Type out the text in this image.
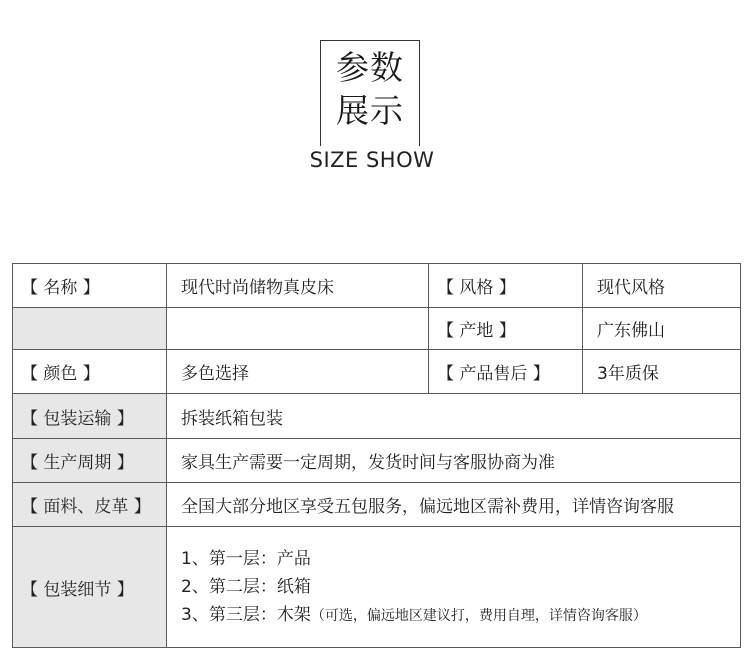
参数
展示
SIZE SHOW
【 名称 】	现代时尚储物真皮床	【 风格 】	现代风格
		【 产地 】	广东佛山
【 颜色 】	多色选择	【 产品售后 】	3年质保
【 包装运输 】	拆装纸箱包装		
【 生产周期 】	家具生产需要一定周期，发货时间与客服协商为准		
【 面料、皮革 】	全国大部分地区享受五包服务，偏远地区需补费用，详情咨询客服		
【 包装细节 】	1、第一层：产品
2、第二层：纸箱
3、第三层：木架（可选，偏远地区建议打，费用自理，详情咨询客服）		
